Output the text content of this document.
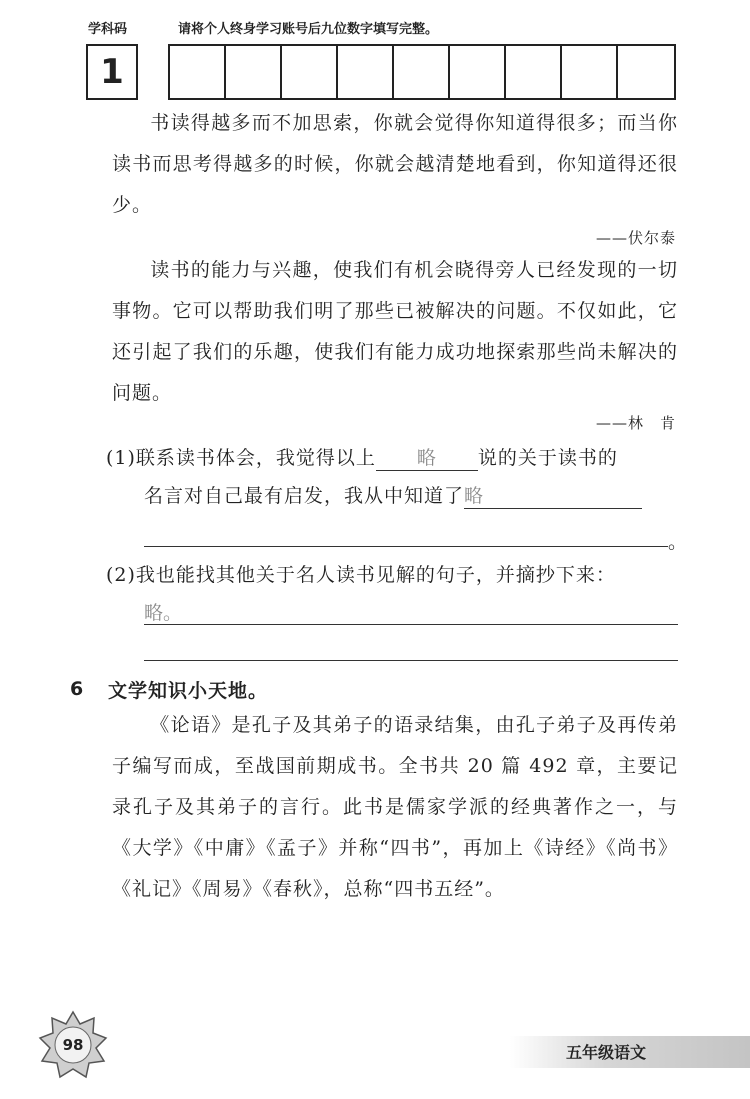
学科码	请将个人终身学习账号后九位数字填写完整。
1
书读得越多而不加思索，你就会觉得你知道得很多；而当你读书而思考得越多的时候，你就会越清楚地看到，你知道得还很少。
——伏尔泰
读书的能力与兴趣，使我们有机会晓得旁人已经发现的一切事物。它可以帮助我们明了那些已被解决的问题。不仅如此，它还引起了我们的乐趣，使我们有能力成功地探索那些尚未解决的问题。
——林　肯
(1)联系读书体会，我觉得以上 略 说的关于读书的
名言对自己最有启发，我从中知道了略
。
(2)我也能找其他关于名人读书见解的句子，并摘抄下来：
略。
6 文学知识小天地。
《论语》是孔子及其弟子的语录结集，由孔子弟子及再传弟子编写而成，至战国前期成书。全书共 20 篇 492 章，主要记录孔子及其弟子的言行。此书是儒家学派的经典著作之一，与《大学》《中庸》《孟子》并称“四书”，再加上《诗经》《尚书》《礼记》《周易》《春秋》，总称“四书五经”。
98	五年级语文
